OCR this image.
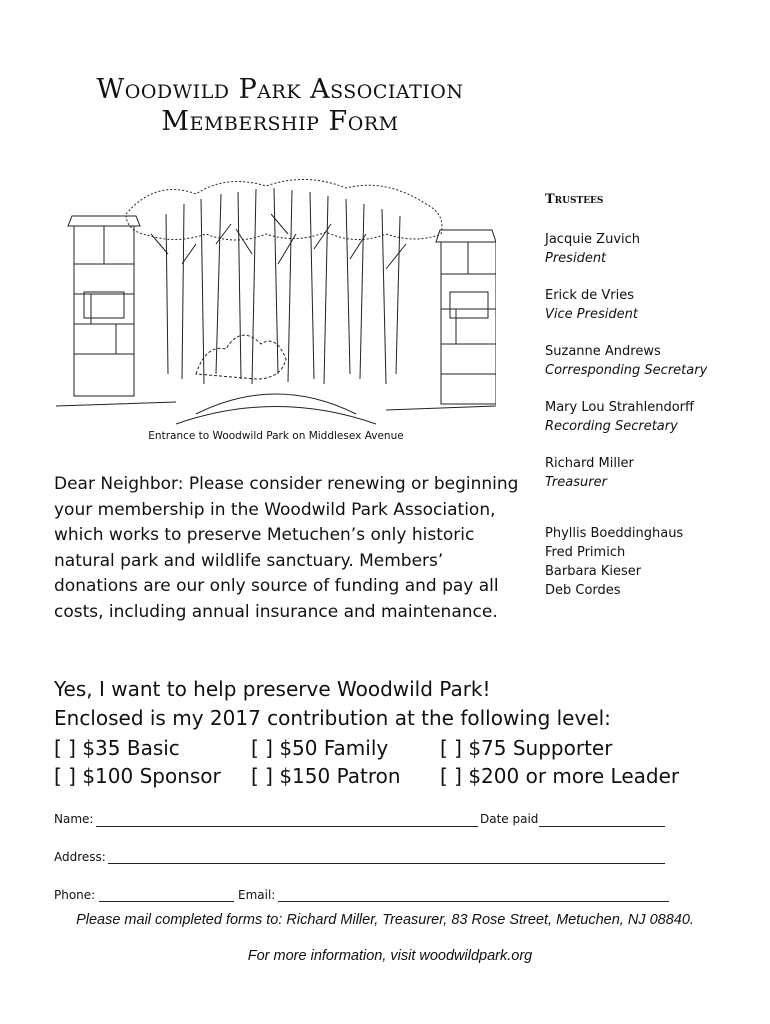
Woodwild Park Association
Membership Form
Entrance to Woodwild Park on Middlesex Avenue
Dear Neighbor: Please consider renewing or beginning your membership in the Woodwild Park Association, which works to preserve Metuchen’s only historic natural park and wildlife sanctuary. Members’ donations are our only source of funding and pay all costs, including annual insurance and maintenance.
Trustees
Jacquie Zuvich
President
Erick de Vries
Vice President
Suzanne Andrews
Corresponding Secretary
Mary Lou Strahlendorff
Recording Secretary
Richard Miller
Treasurer
Phyllis Boeddinghaus
Fred Primich
Barbara Kieser
Deb Cordes
Yes, I want to help preserve Woodwild Park!
Enclosed is my 2017 contribution at the following level:
[ ] $35 Basic	[ ] $50 Family	[ ] $75 Supporter
[ ] $100 Sponsor [ ] $150 Patron [ ] $200 or more Leader
Name:	Date paid
Address:
Phone:	Email:
Please mail completed forms to: Richard Miller, Treasurer, 83 Rose Street, Metuchen, NJ 08840.
For more information, visit woodwildpark.org
